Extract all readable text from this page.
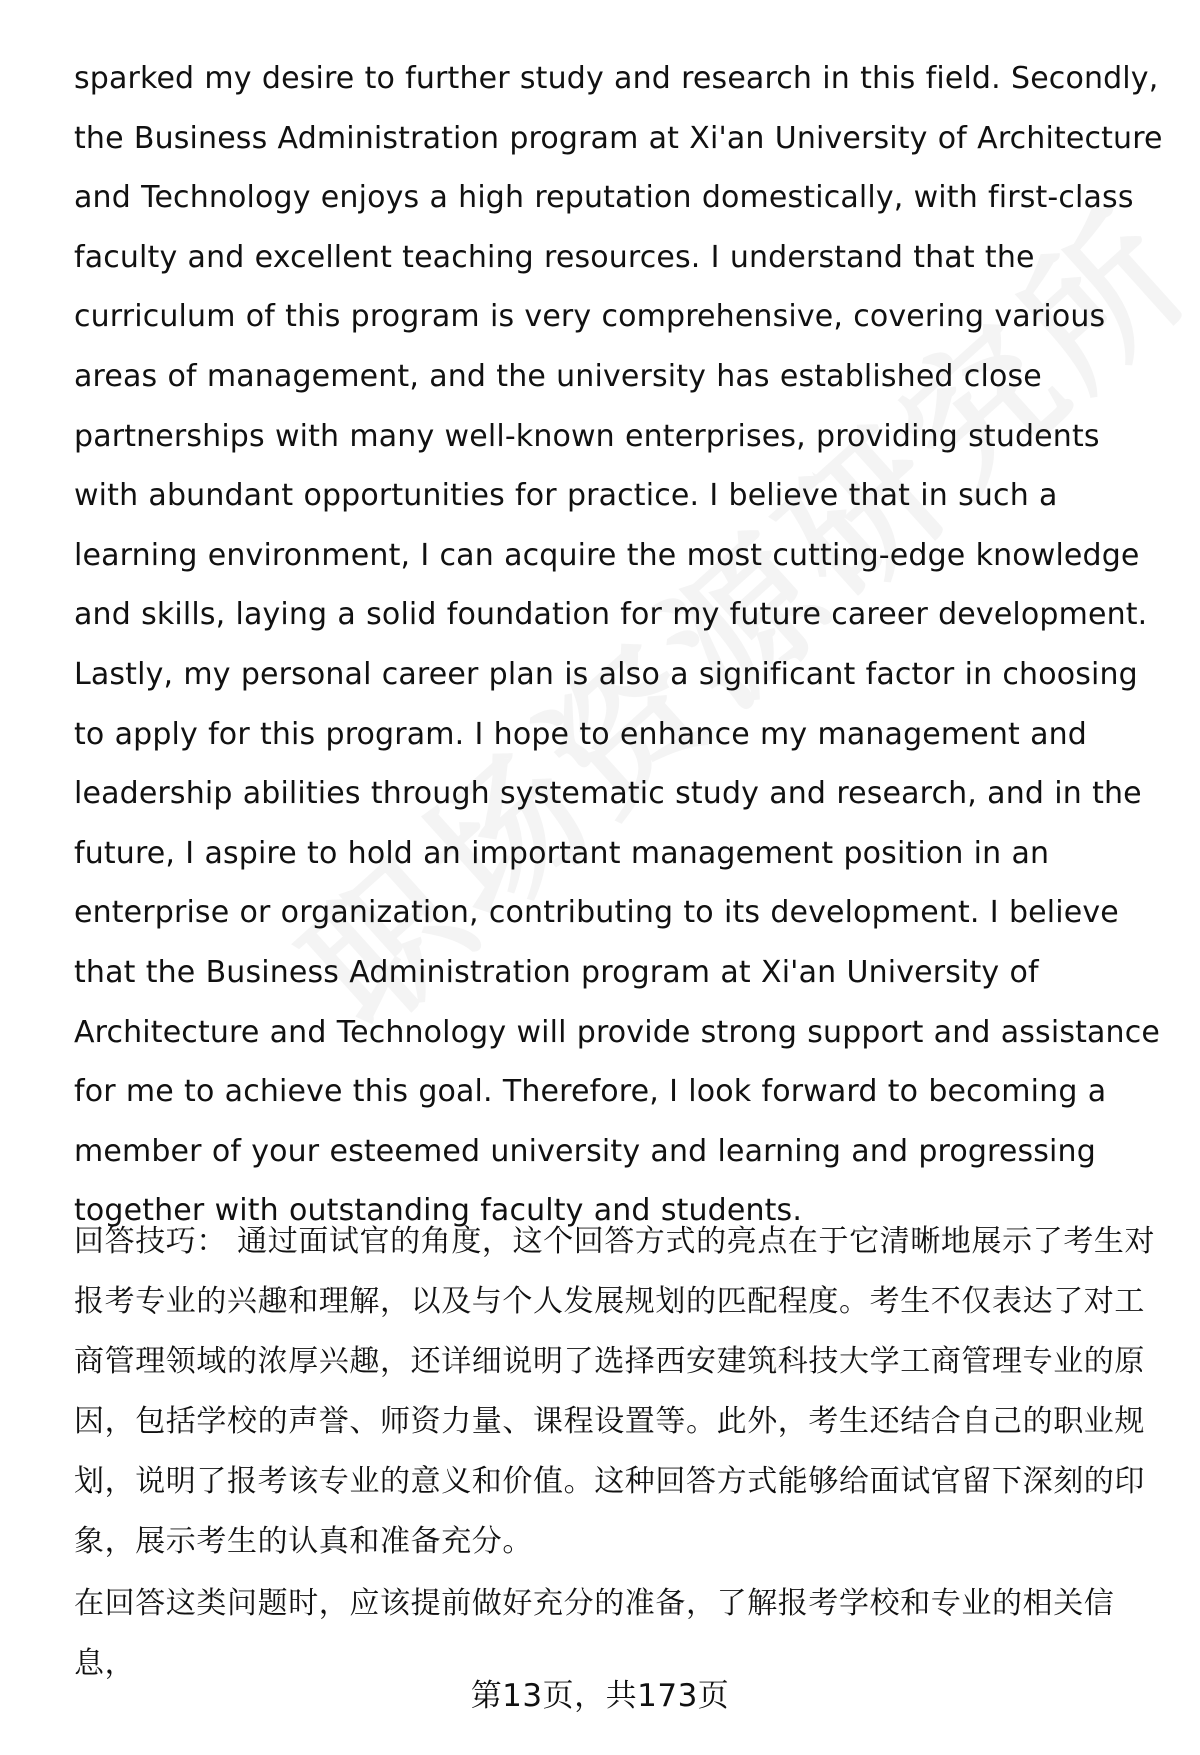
sparked my desire to further study and research in this field. Secondly, the Business Administration program at Xi'an University of Architecture and Technology enjoys a high reputation domestically, with first-class faculty and excellent teaching resources. I understand that the curriculum of this program is very comprehensive, covering various areas of management, and the university has established close partnerships with many well-known enterprises, providing students with abundant opportunities for practice. I believe that in such a learning environment, I can acquire the most cutting-edge knowledge and skills, laying a solid foundation for my future career development. Lastly, my personal career plan is also a significant factor in choosing to apply for this program. I hope to enhance my management and leadership abilities through systematic study and research, and in the future, I aspire to hold an important management position in an enterprise or organization, contributing to its development. I believe that the Business Administration program at Xi'an University of Architecture and Technology will provide strong support and assistance for me to achieve this goal. Therefore, I look forward to becoming a member of your esteemed university and learning and progressing together with outstanding faculty and students.

回答技巧： 通过面试官的角度，这个回答方式的亮点在于它清晰地展示了考生对报考专业的兴趣和理解，以及与个人发展规划的匹配程度。考生不仅表达了对工商管理领域的浓厚兴趣，还详细说明了选择西安建筑科技大学工商管理专业的原因，包括学校的声誉、师资力量、课程设置等。此外，考生还结合自己的职业规划，说明了报考该专业的意义和价值。这种回答方式能够给面试官留下深刻的印象，展示考生的认真和准备充分。

在回答这类问题时，应该提前做好充分的准备，了解报考学校和专业的相关信息，

第13页，共173页
